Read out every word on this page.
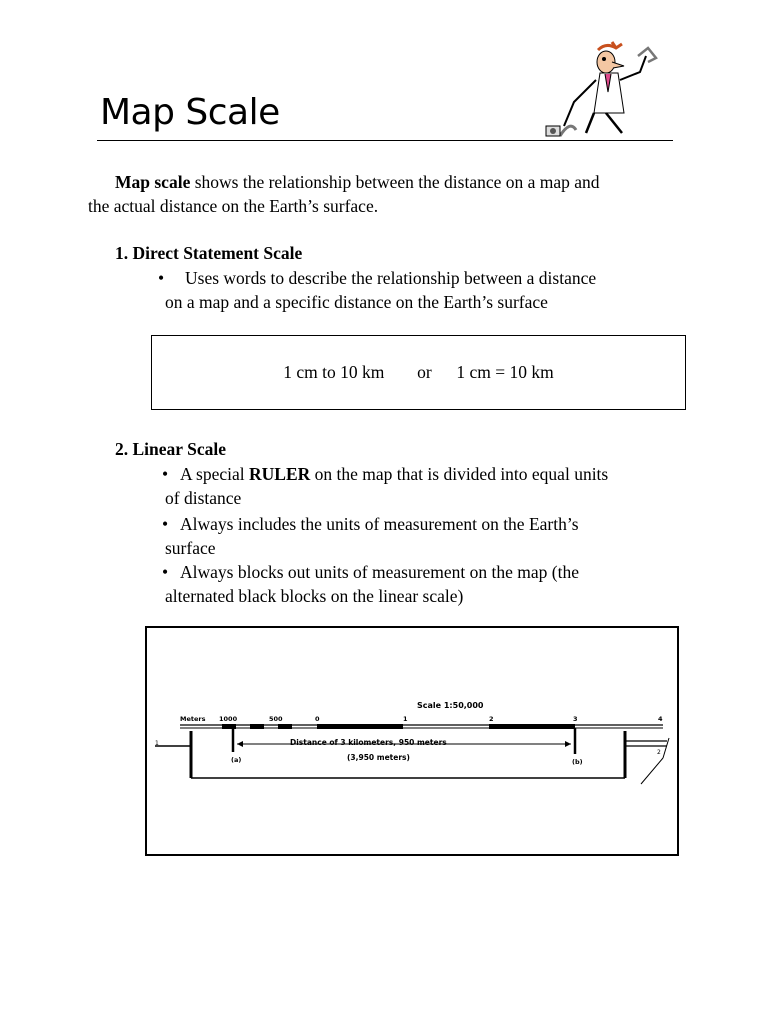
Map Scale
Map scale shows the relationship between the distance on a map and
the actual distance on the Earth’s surface.
1. Direct Statement Scale
• Uses words to describe the relationship between a distance
on a map and a specific distance on the Earth’s surface
1 cm to 10 km or 1 cm = 10 km
2. Linear Scale
• A special RULER on the map that is divided into equal units
of distance
• Always includes the units of measurement on the Earth’s
surface
• Always blocks out units of measurement on the map (the
alternated black blocks on the linear scale)
Scale 1:50,000
Meters 1000	500	0	1	2	3	4
1
2
Distance of 3 kilometers, 950 meters
(a)	(b)
(3,950 meters)
